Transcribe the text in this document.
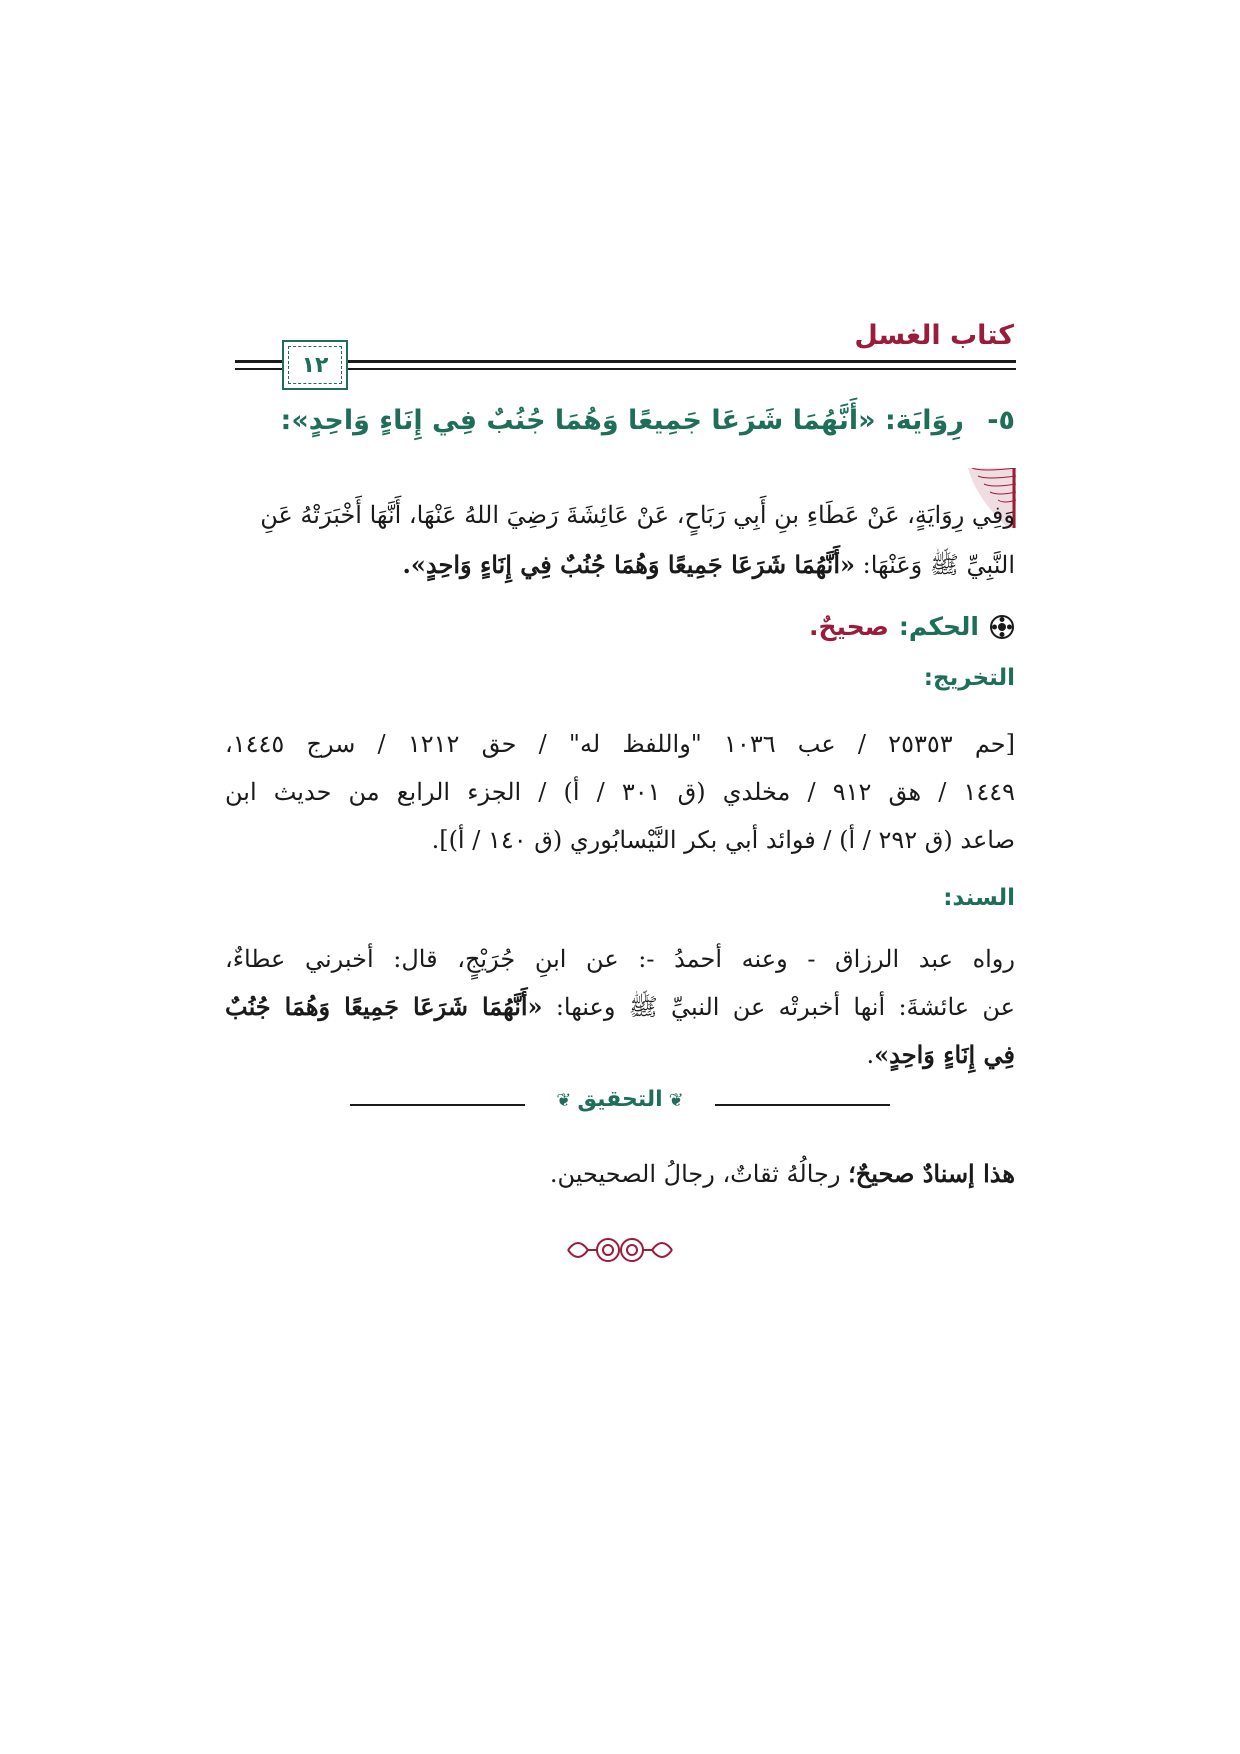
كتاب الغسل
١٢
٥- رِوَايَة: «أَنَّهُمَا شَرَعَا جَمِيعًا وَهُمَا جُنُبٌ فِي إِنَاءٍ وَاحِدٍ»:
وَفِي رِوَايَةٍ، عَنْ عَطَاءِ بنِ أَبِي رَبَاحٍ، عَنْ عَائِشَةَ رَضِيَ اللهُ عَنْهَا، أَنَّهَا أَخْبَرَتْهُ عَنِ
النَّبِيِّ ﷺ وَعَنْهَا: «أَنَّهُمَا شَرَعَا جَمِيعًا وَهُمَا جُنُبٌ فِي إِنَاءٍ وَاحِدٍ».
الحكم:
صحيحٌ.
التخريج:
[حم ٢٥٣٥٣ / عب ١٠٣٦ "واللفظ له" / حق ١٢١٢ / سرج ١٤٤٥،
١٤٤٩ / هق ٩١٢ / مخلدي (ق ٣٠١ / أ) / الجزء الرابع من حديث ابن
صاعد (ق ٢٩٢ / أ) / فوائد أبي بكر النَّيْسابُوري (ق ١٤٠ / أ)].
السند:
رواه عبد الرزاق - وعنه أحمدُ -: عن ابنِ جُرَيْجٍ، قال: أخبرني عطاءٌ،
عن عائشةَ: أنها أخبرتْه عن النبيِّ ﷺ وعنها: «أَنَّهُمَا شَرَعَا جَمِيعًا وَهُمَا جُنُبٌ
فِي إِنَاءٍ وَاحِدٍ».
❦التحقيق❦
هذا إسنادٌ صحيحٌ؛ رجالُهُ ثقاتٌ، رجالُ الصحيحين.
